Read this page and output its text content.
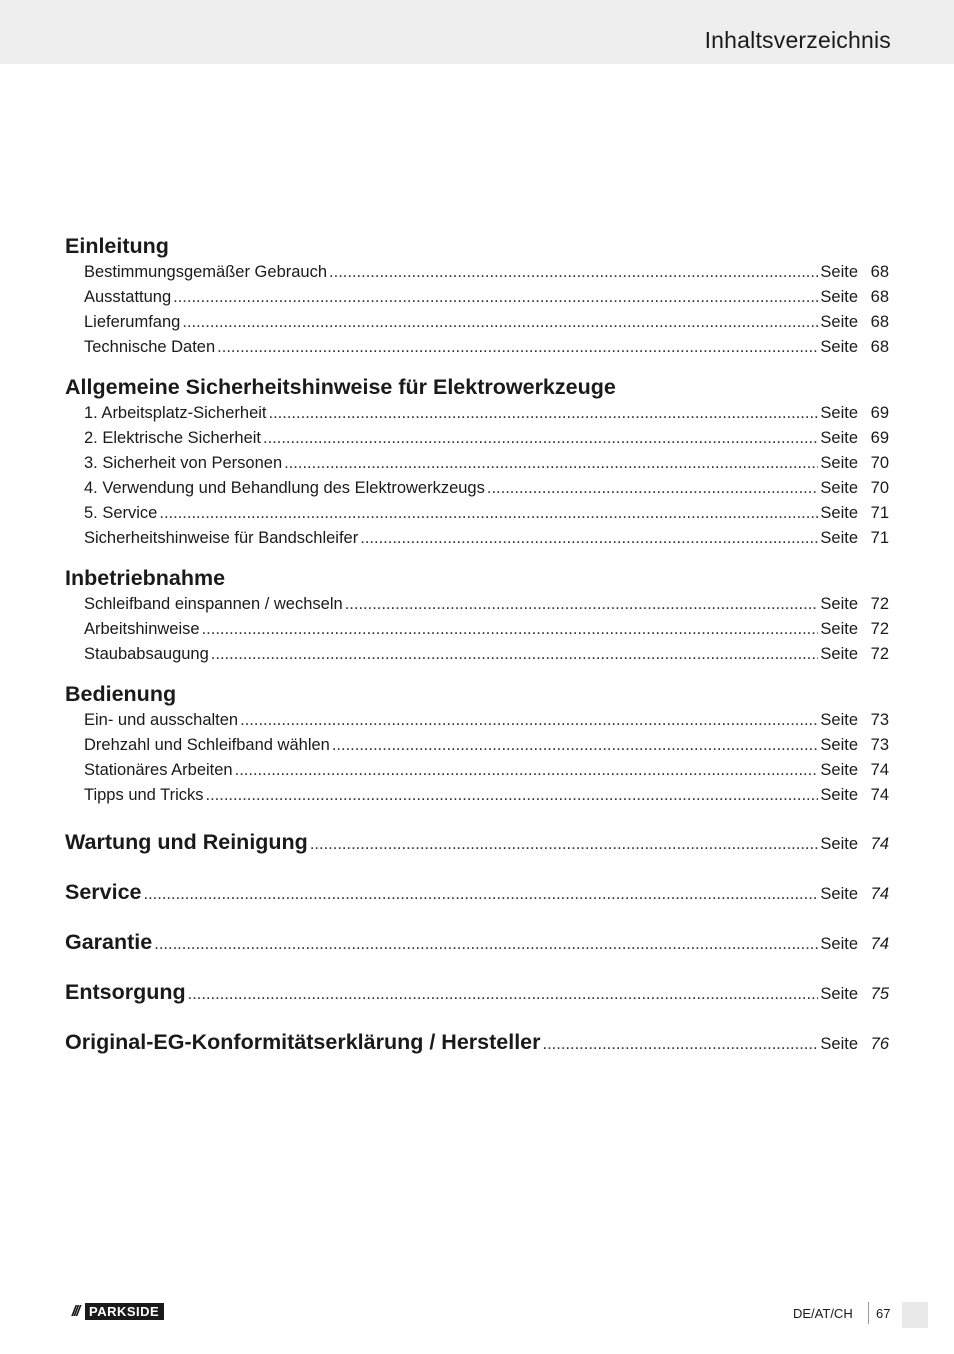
Inhaltsverzeichnis
Einleitung
Bestimmungsgemäßer Gebrauch .....	Seite 68
Ausstattung .....	Seite 68
Lieferumfang .....	Seite 68
Technische Daten .....	Seite 68
Allgemeine Sicherheitshinweise für Elektrowerkzeuge
1. Arbeitsplatz-Sicherheit .....	Seite 69
2. Elektrische Sicherheit .....	Seite 69
3. Sicherheit von Personen .....	Seite 70
4. Verwendung und Behandlung des Elektrowerkzeugs .....	Seite 70
5. Service .....	Seite 71
Sicherheitshinweise für Bandschleifer .....	Seite 71
Inbetriebnahme
Schleifband einspannen / wechseln .....	Seite 72
Arbeitshinweise .....	Seite 72
Staubabsaugung .....	Seite 72
Bedienung
Ein- und ausschalten .....	Seite 73
Drehzahl und Schleifband wählen .....	Seite 73
Stationäres Arbeiten .....	Seite 74
Tipps und Tricks .....	Seite 74
Wartung und Reinigung .....	Seite 74
Service .....	Seite 74
Garantie .....	Seite 74
Entsorgung .....	Seite 75
Original-EG-Konformitätserklärung / Hersteller .....	Seite 76
/// PARKSIDE	DE/AT/CH 67
